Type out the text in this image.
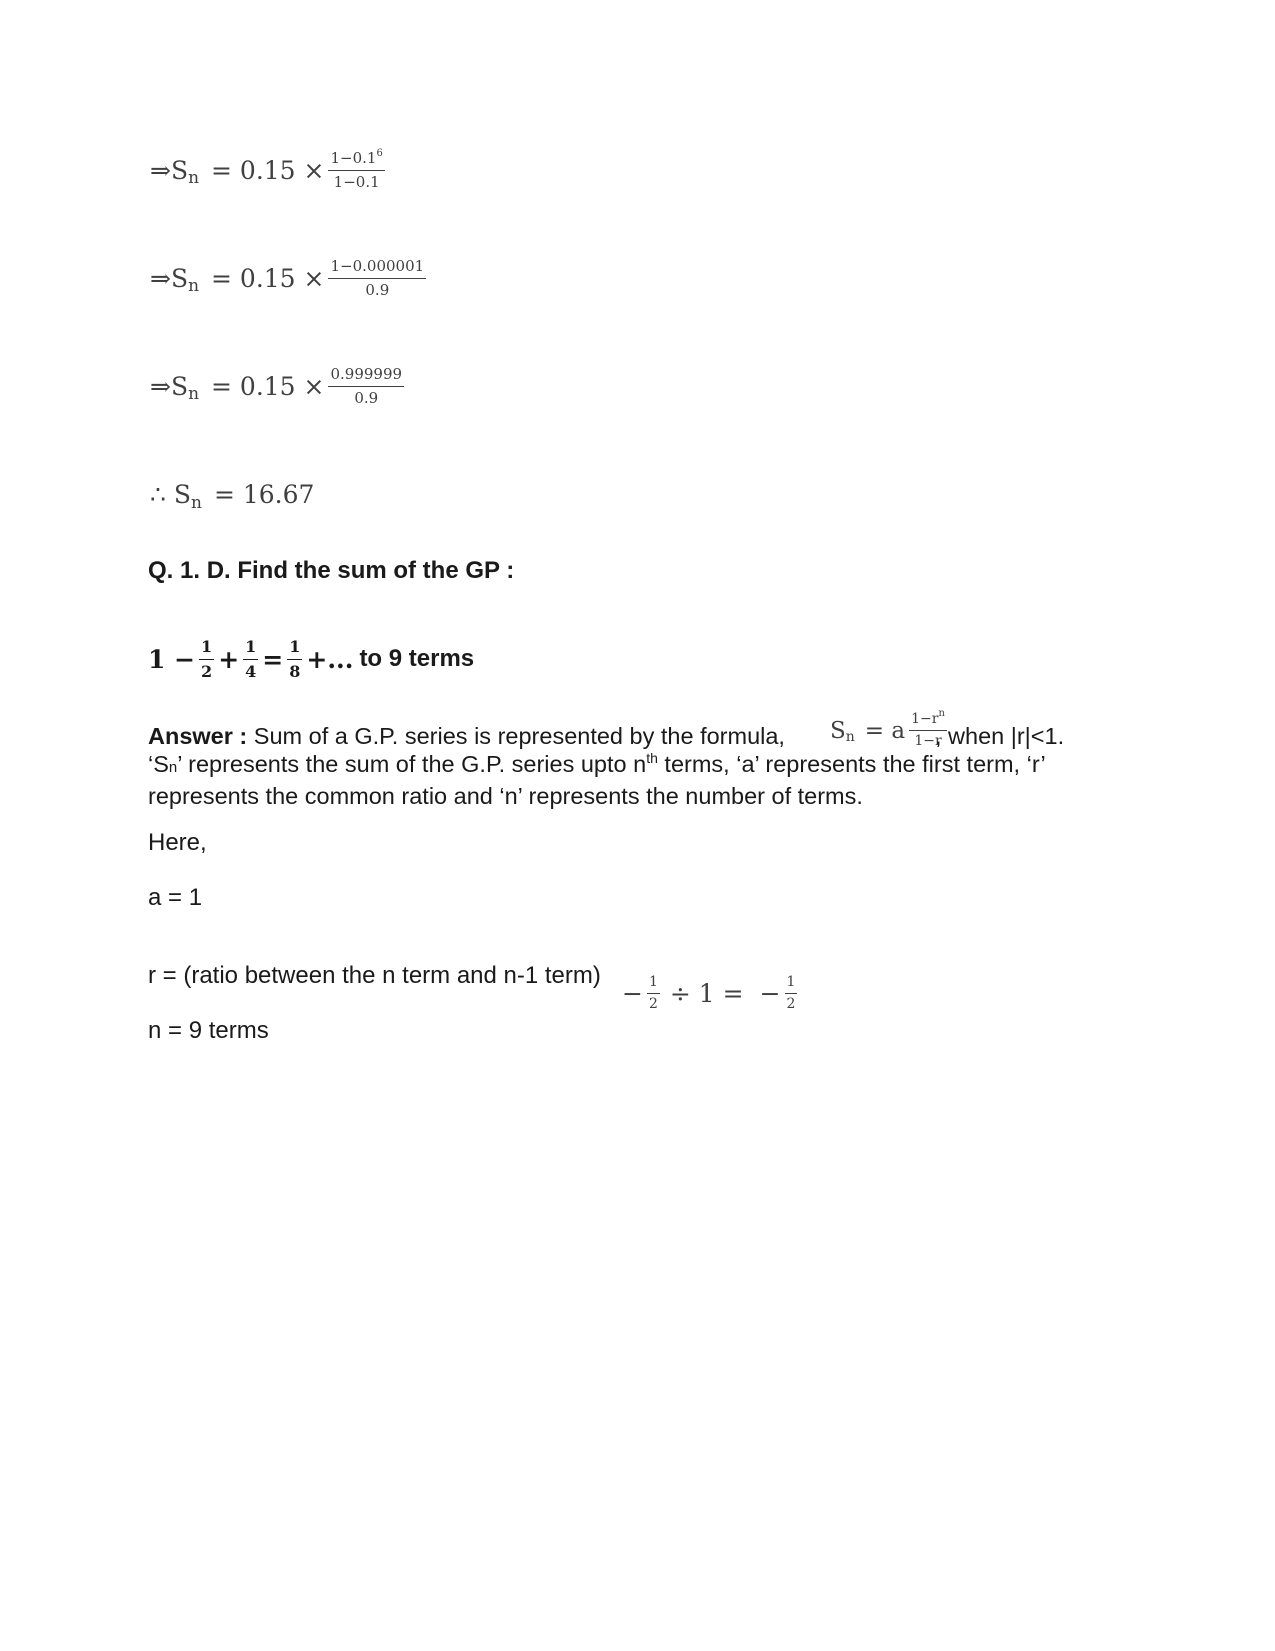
⇒S $n = 0.15 \times \frac{1-0.1^6}{1-0.1}$
⇒S $n = 0.15 \times \frac{1-0.000001}{0.9}$
⇒S $n = 0.15 \times \frac{0.999999}{0.9}$
∴ S n = 16.67
Q. 1. D. Find the sum of the GP :
$1 - \frac{1}{2} + \frac{1}{4} = \frac{1}{8}$ +... to 9 terms
S n = a $\frac{1-r^n}{1-r}$
Answer : Sum of a G.P. series is represented by the formula,	, when |r|<1.
‘Sn’ represents the sum of the G.P. series upto $n^{th}$ terms, ‘a’ represents the first term, ‘r’ represents the common ratio and ‘n’ represents the number of terms.
Here,
a = 1
r = (ratio between the n term and n-1 term)
− $\frac{1}{2} \div 1$ = − $\frac{1}{2}$
n = 9 terms
